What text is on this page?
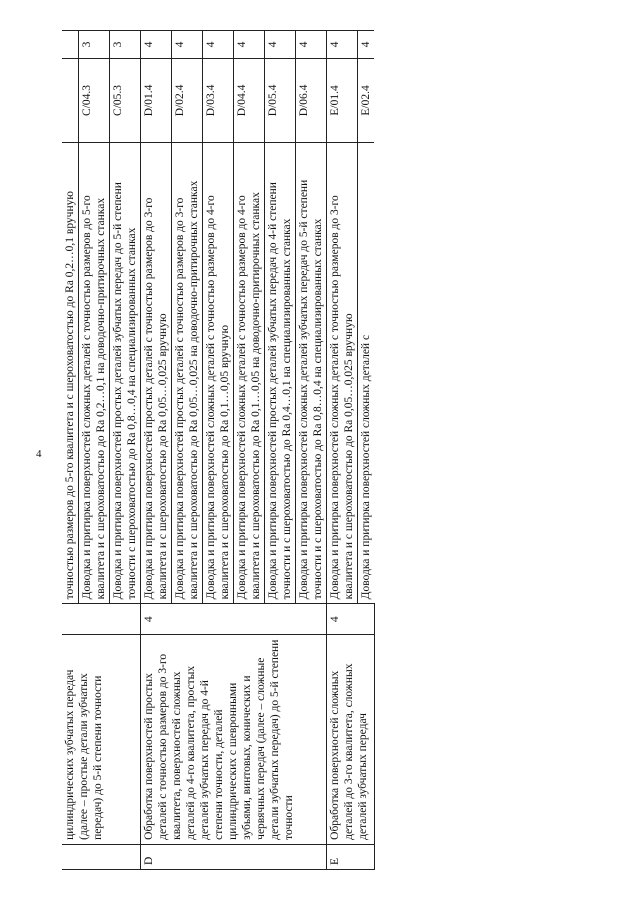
4
	цилиндрических зубчатых передач (далее – простые детали зубчатых передач) до 5-й степени точности		точностью размеров до 5-го квалитета и с шероховатостью до Ra 0,2…0,1 вручную		
			Доводка и притирка поверхностей сложных деталей с точностью размеров до 5-го квалитета и с шероховатостью до Ra 0,2…0,1 на доводочно-притирочных станках	C/04.3	3
			Доводка и притирка поверхностей простых деталей зубчатых передач до 5-й степени точности с шероховатостью до Ra 0,8…0,4 на специализированных станках	C/05.3	3
D	Обработка поверхностей простых деталей с точностью размеров до 3-го квалитета, поверхностей сложных деталей до 4-го квалитета, простых деталей зубчатых передач до 4-й степени точности, деталей цилиндрических с шевронными зубьями, винтовых, конических и червячных передач (далее – сложные детали зубчатых передач) до 5-й степени точности	4	Доводка и притирка поверхностей простых деталей с точностью размеров до 3-го квалитета и с шероховатостью до Ra 0,05…0,025 вручную	D/01.4	4
			Доводка и притирка поверхностей простых деталей с точностью размеров до 3-го квалитета и с шероховатостью до Ra 0,05…0,025 на доводочно-притирочных станках	D/02.4	4
			Доводка и притирка поверхностей сложных деталей с точностью размеров до 4-го квалитета и с шероховатостью до Ra 0,1…0,05 вручную	D/03.4	4
			Доводка и притирка поверхностей сложных деталей с точностью размеров до 4-го квалитета и с шероховатостью до Ra 0,1…0,05 на доводочно-притирочных станках	D/04.4	4
			Доводка и притирка поверхностей простых деталей зубчатых передач до 4-й степени точности и с шероховатостью до Ra 0,4…0,1 на специализированных станках	D/05.4	4
			Доводка и притирка поверхностей сложных деталей зубчатых передач до 5-й степени точности и с шероховатостью до Ra 0,8…0,4 на специализированных станках	D/06.4	4
E	Обработка поверхностей сложных деталей до 3-го квалитета, сложных деталей зубчатых передач	4	Доводка и притирка поверхностей сложных деталей с точностью размеров до 3-го квалитета и с шероховатостью до Ra 0,05…0,025 вручную	E/01.4	4
			Доводка и притирка поверхностей сложных деталей с	E/02.4	4
